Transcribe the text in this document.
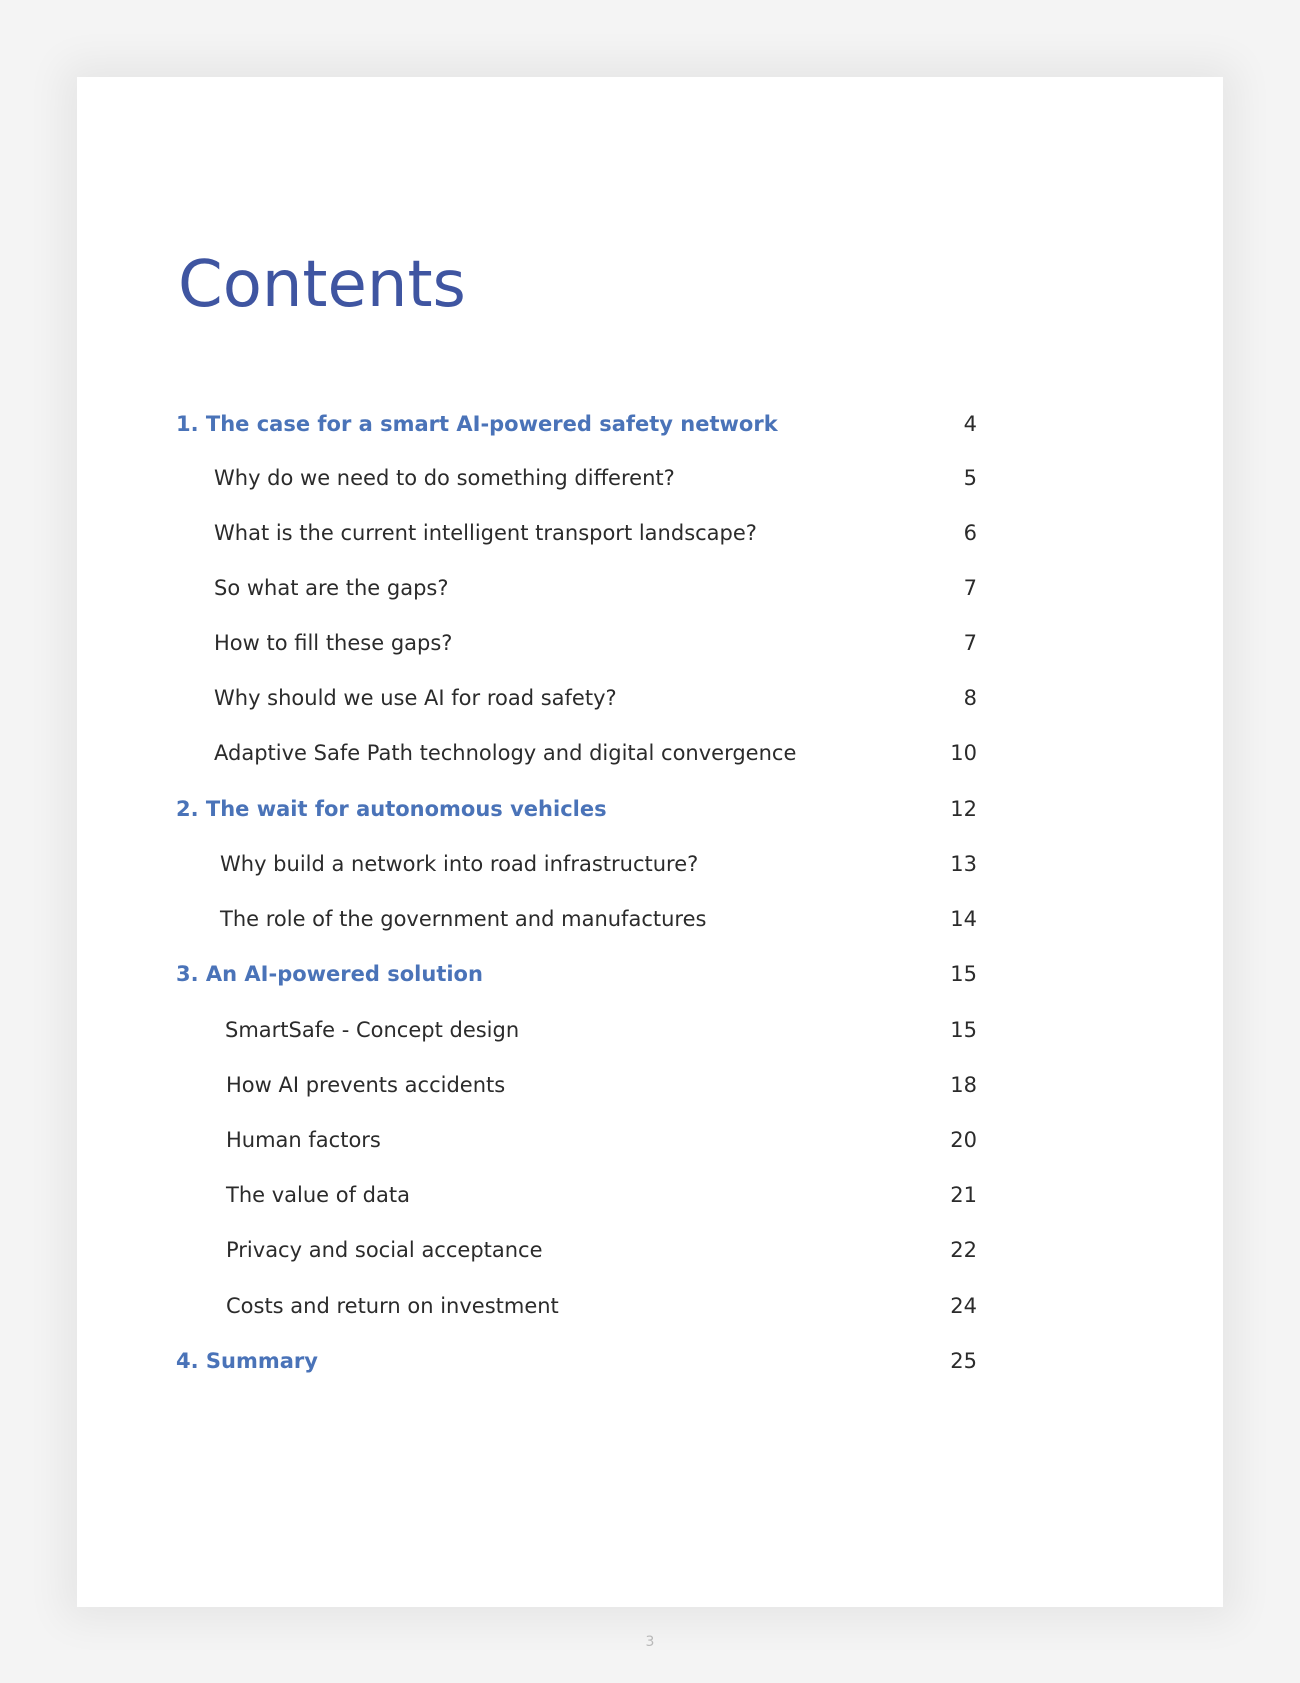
Contents
1. The case for a smart AI-powered safety network	4
Why do we need to do something different?	5
What is the current intelligent transport landscape?	6
So what are the gaps?	7
How to fill these gaps?	7
Why should we use AI for road safety?	8
Adaptive Safe Path technology and digital convergence	10
2. The wait for autonomous vehicles	12
Why build a network into road infrastructure?	13
The role of the government and manufactures	14
3. An AI-powered solution	15
SmartSafe - Concept design	15
How AI prevents accidents	18
Human factors	20
The value of data	21
Privacy and social acceptance	22
Costs and return on investment	24
4. Summary	25
3
